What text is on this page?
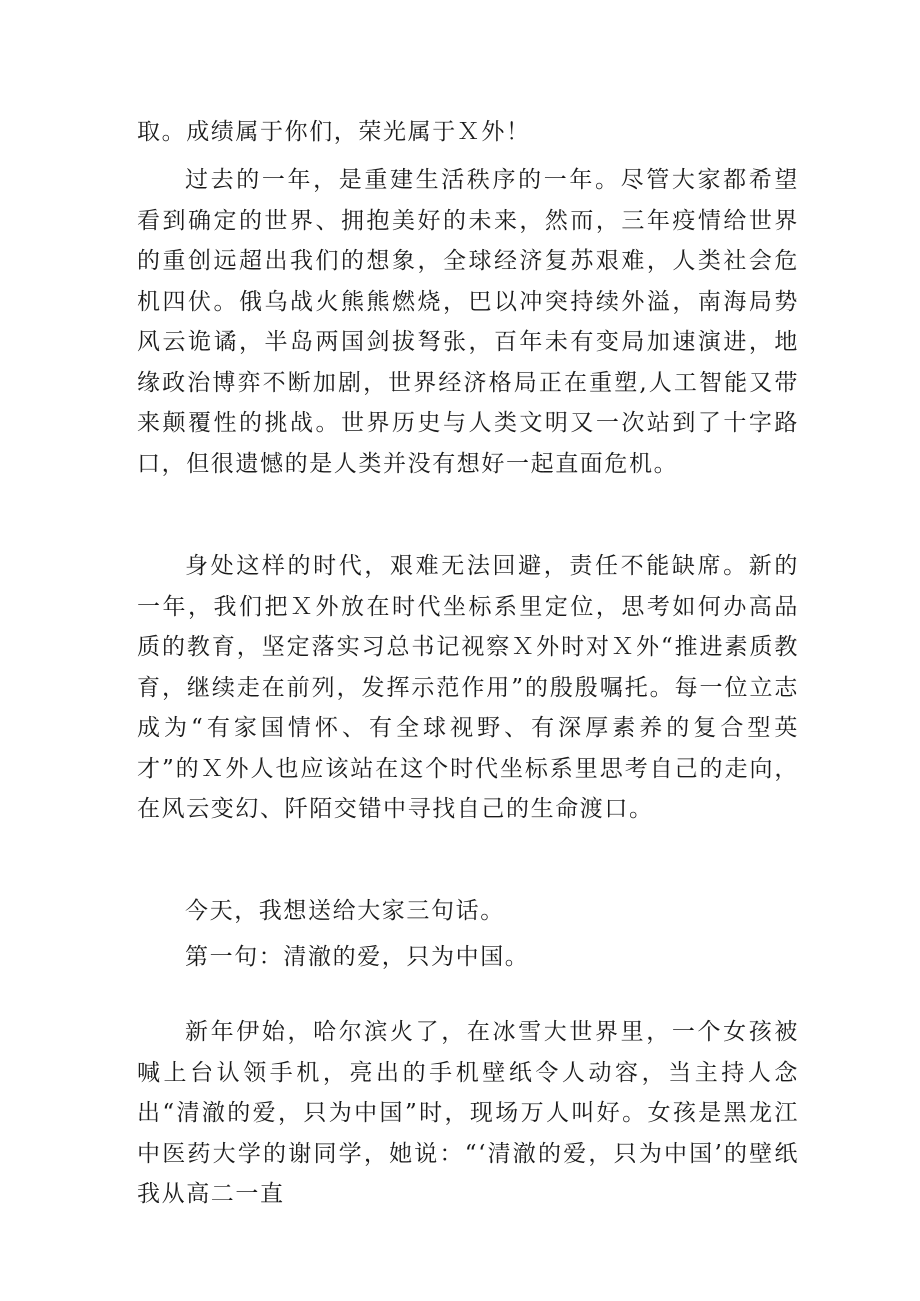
取。成绩属于你们，荣光属于Ｘ外！

过去的一年，是重建生活秩序的一年。尽管大家都希望看到确定的世界、拥抱美好的未来，然而，三年疫情给世界的重创远超出我们的想象，全球经济复苏艰难，人类社会危机四伏。俄乌战火熊熊燃烧，巴以冲突持续外溢，南海局势风云诡谲，半岛两国剑拔弩张，百年未有变局加速演进，地缘政治博弈不断加剧，世界经济格局正在重塑,人工智能又带来颠覆性的挑战。世界历史与人类文明又一次站到了十字路口，但很遗憾的是人类并没有想好一起直面危机。

身处这样的时代，艰难无法回避，责任不能缺席。新的一年，我们把Ｘ外放在时代坐标系里定位，思考如何办高品质的教育，坚定落实习总书记视察Ｘ外时对Ｘ外“推进素质教育，继续走在前列，发挥示范作用”的殷殷嘱托。每一位立志成为“有家国情怀、有全球视野、有深厚素养的复合型英才”的Ｘ外人也应该站在这个时代坐标系里思考自己的走向，在风云变幻、阡陌交错中寻找自己的生命渡口。

今天，我想送给大家三句话。

第一句：清澈的爱，只为中国。

新年伊始，哈尔滨火了，在冰雪大世界里，一个女孩被喊上台认领手机，亮出的手机壁纸令人动容，当主持人念出“清澈的爱，只为中国”时，现场万人叫好。女孩是黑龙江中医药大学的谢同学，她说：“‘清澈的爱，只为中国’的壁纸我从高二一直
